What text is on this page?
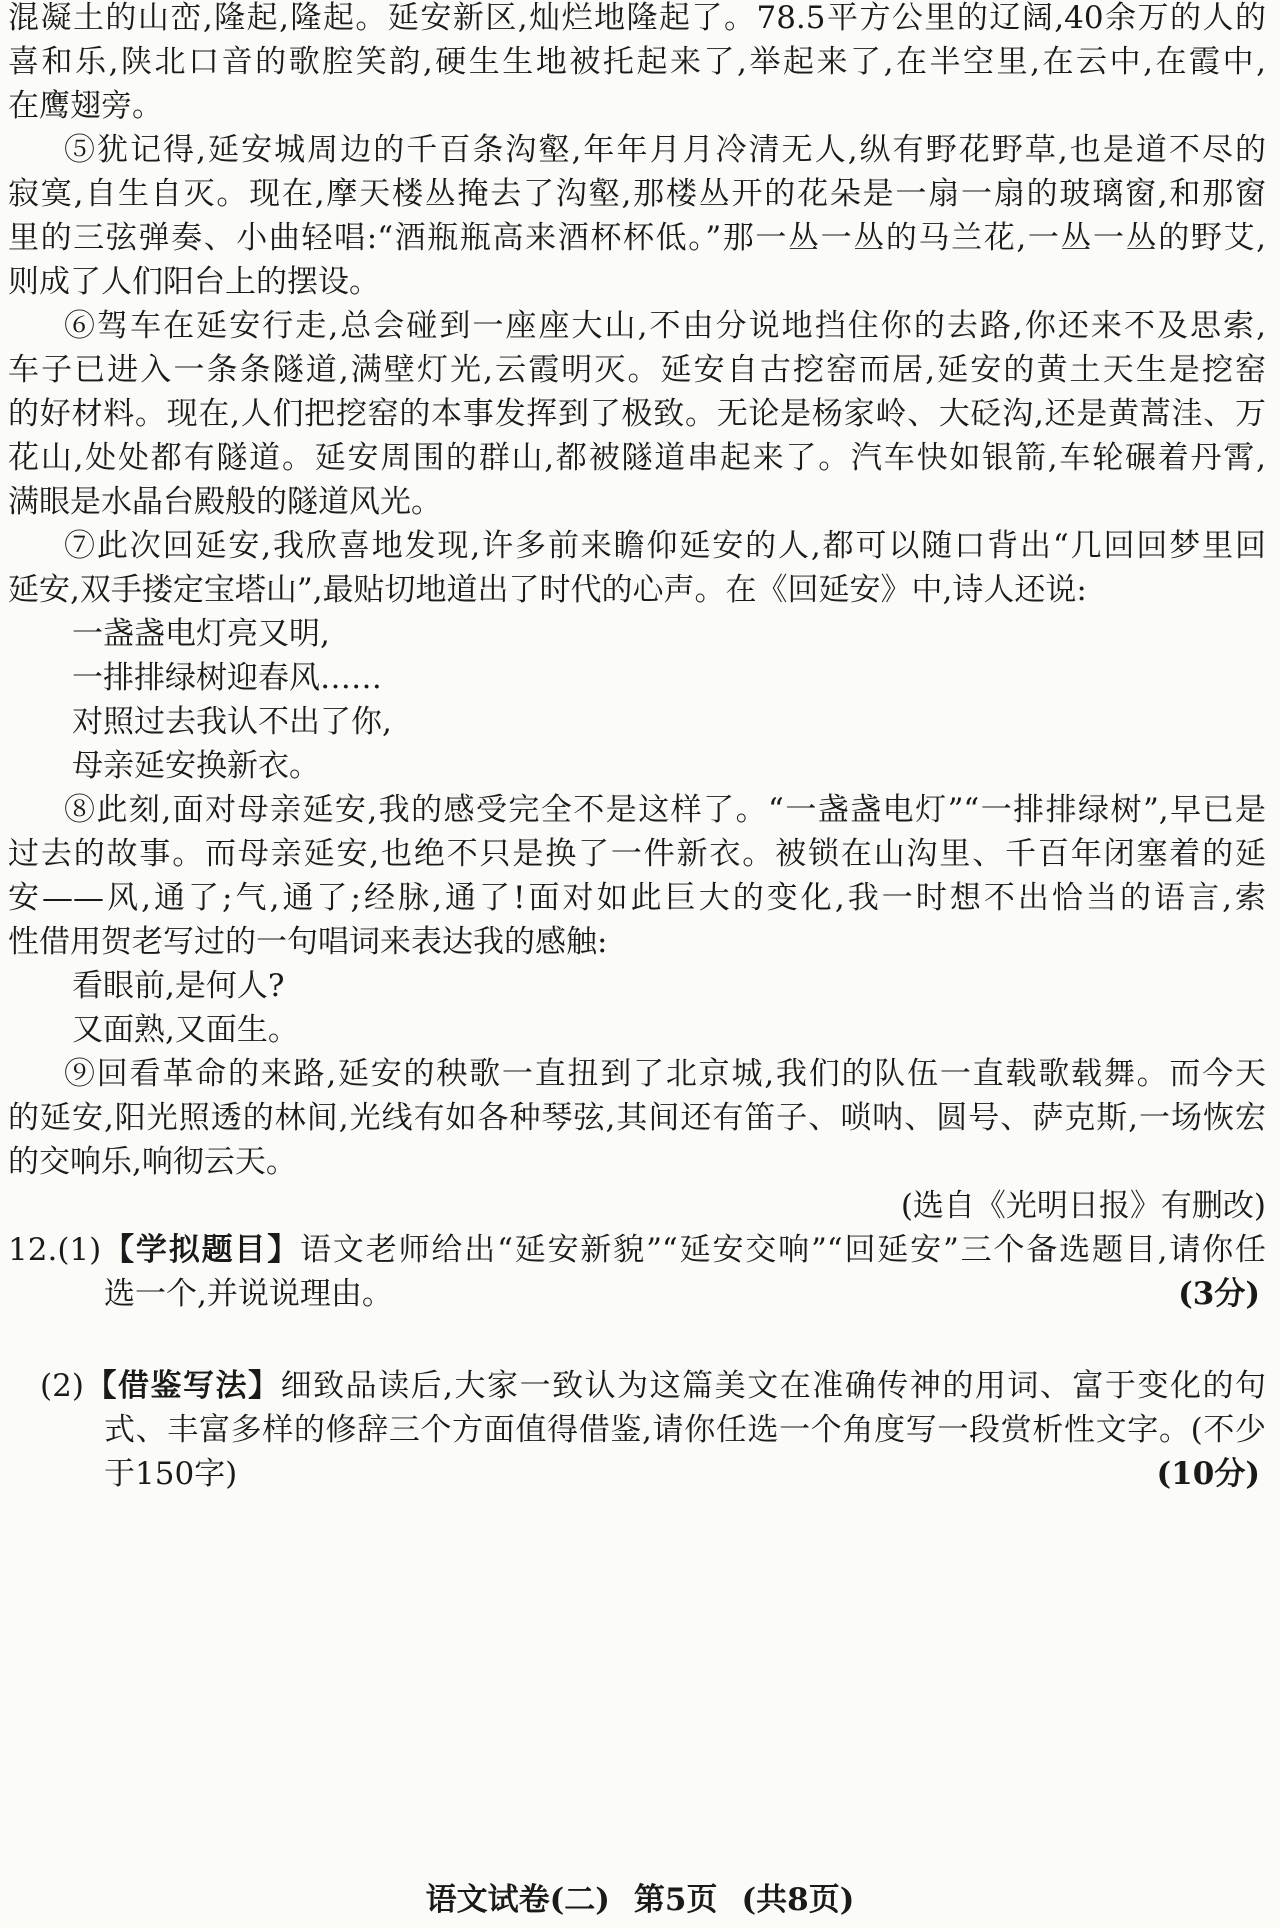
混凝土的山峦,隆起,隆起。延安新区,灿烂地隆起了。78.5平方公里的辽阔,40余万的人的
喜和乐,陕北口音的歌腔笑韵,硬生生地被托起来了,举起来了,在半空里,在云中,在霞中,
在鹰翅旁。
⑤犹记得,延安城周边的千百条沟壑,年年月月冷清无人,纵有野花野草,也是道不尽的
寂寞,自生自灭。现在,摩天楼丛掩去了沟壑,那楼丛开的花朵是一扇一扇的玻璃窗,和那窗
里的三弦弹奏、小曲轻唱:“酒瓶瓶高来酒杯杯低。”那一丛一丛的马兰花,一丛一丛的野艾,
则成了人们阳台上的摆设。
⑥驾车在延安行走,总会碰到一座座大山,不由分说地挡住你的去路,你还来不及思索,
车子已进入一条条隧道,满壁灯光,云霞明灭。延安自古挖窑而居,延安的黄土天生是挖窑
的好材料。现在,人们把挖窑的本事发挥到了极致。无论是杨家岭、大砭沟,还是黄蒿洼、万
花山,处处都有隧道。延安周围的群山,都被隧道串起来了。汽车快如银箭,车轮碾着丹霄,
满眼是水晶台殿般的隧道风光。
⑦此次回延安,我欣喜地发现,许多前来瞻仰延安的人,都可以随口背出“几回回梦里回
延安,双手搂定宝塔山”,最贴切地道出了时代的心声。在《回延安》中,诗人还说:
一盏盏电灯亮又明,
一排排绿树迎春风……
对照过去我认不出了你,
母亲延安换新衣。
⑧此刻,面对母亲延安,我的感受完全不是这样了。“一盏盏电灯”“一排排绿树”,早已是
过去的故事。而母亲延安,也绝不只是换了一件新衣。被锁在山沟里、千百年闭塞着的延
安——风,通了;气,通了;经脉,通了!面对如此巨大的变化,我一时想不出恰当的语言,索
性借用贺老写过的一句唱词来表达我的感触:
看眼前,是何人?
又面熟,又面生。
⑨回看革命的来路,延安的秧歌一直扭到了北京城,我们的队伍一直载歌载舞。而今天
的延安,阳光照透的林间,光线有如各种琴弦,其间还有笛子、唢呐、圆号、萨克斯,一场恢宏
的交响乐,响彻云天。
(选自《光明日报》有删改)
12.(1)【学拟题目】语文老师给出“延安新貌”“延安交响”“回延安”三个备选题目,请你任
选一个,并说说理由。	(3分)
(2)【借鉴写法】细致品读后,大家一致认为这篇美文在准确传神的用词、富于变化的句
式、丰富多样的修辞三个方面值得借鉴,请你任选一个角度写一段赏析性文字。(不少
于150字)	(10分)
语文试卷(二) 第5页 (共8页)
